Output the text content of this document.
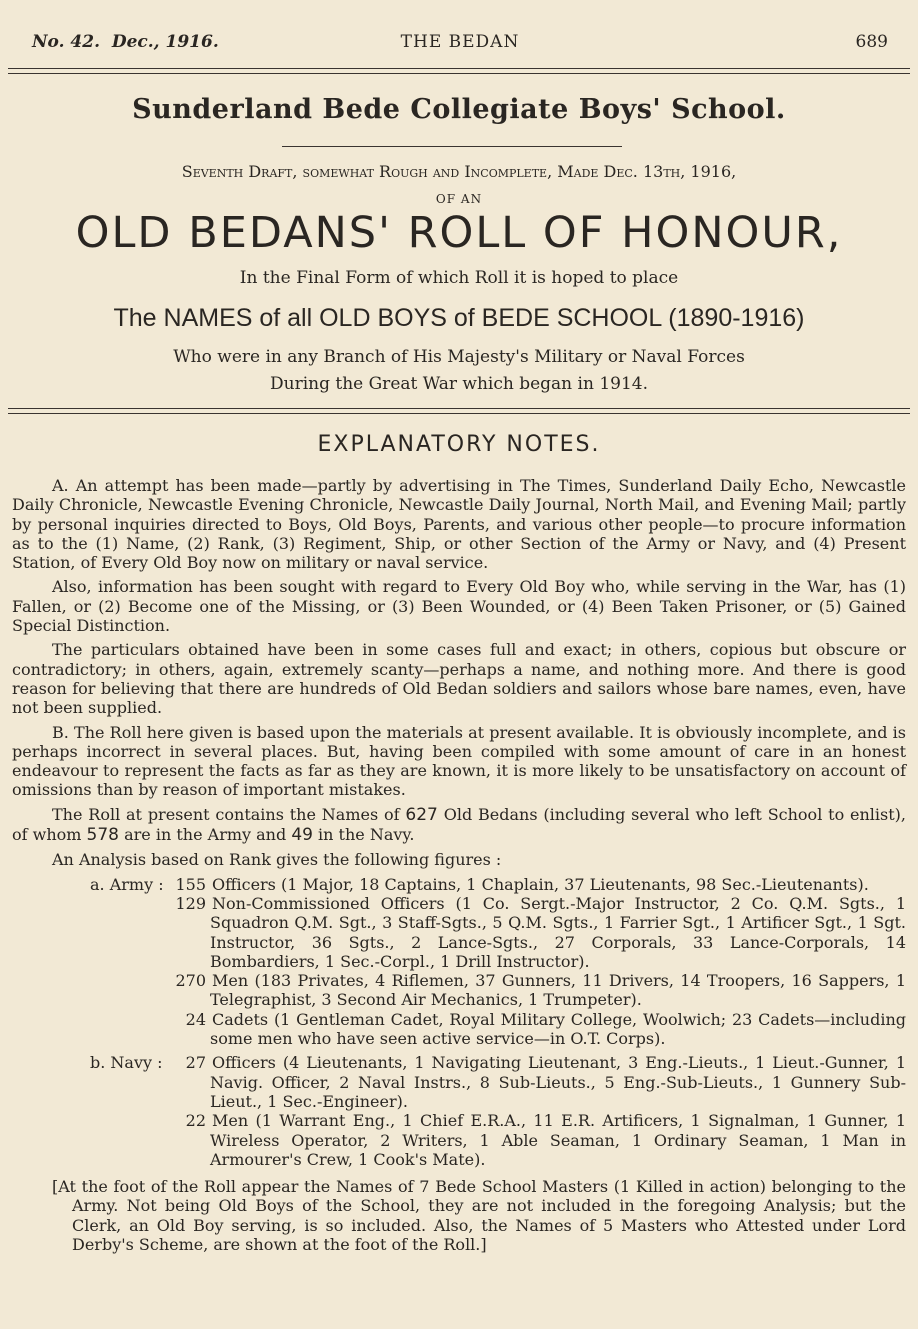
No. 42. Dec., 1916.	THE BEDAN	689
Sunderland Bede Collegiate Boys' School.
Seventh Draft, somewhat Rough and Incomplete, Made Dec. 13th, 1916,
OF AN
OLD BEDANS' ROLL OF HONOUR,
In the Final Form of which Roll it is hoped to place
The NAMES of all OLD BOYS of BEDE SCHOOL (1890-1916)
Who were in any Branch of His Majesty's Military or Naval Forces
During the Great War which began in 1914.
EXPLANATORY NOTES.

A. An attempt has been made—partly by advertising in The Times, Sunderland Daily Echo, Newcastle Daily Chronicle, Newcastle Evening Chronicle, Newcastle Daily Journal, North Mail, and Evening Mail; partly by personal inquiries directed to Boys, Old Boys, Parents, and various other people—to procure information as to the (1) Name, (2) Rank, (3) Regiment, Ship, or other Section of the Army or Navy, and (4) Present Station, of Every Old Boy now on military or naval service.

Also, information has been sought with regard to Every Old Boy who, while serving in the War, has (1) Fallen, or (2) Become one of the Missing, or (3) Been Wounded, or (4) Been Taken Prisoner, or (5) Gained Special Distinction.

The particulars obtained have been in some cases full and exact; in others, copious but obscure or contradictory; in others, again, extremely scanty—perhaps a name, and nothing more. And there is good reason for believing that there are hundreds of Old Bedan soldiers and sailors whose bare names, even, have not been supplied.

B. The Roll here given is based upon the materials at present available. It is obviously incomplete, and is perhaps incorrect in several places. But, having been compiled with some amount of care in an honest endeavour to represent the facts as far as they are known, it is more likely to be unsatisfactory on account of omissions than by reason of important mistakes.

The Roll at present contains the Names of 627 Old Bedans (including several who left School to enlist), of whom 578 are in the Army and 49 in the Navy.

An Analysis based on Rank gives the following figures :

a. Army : 155 Officers (1 Major, 18 Captains, 1 Chaplain, 37 Lieutenants, 98 Sec.-Lieutenants).
129 Non-Commissioned Officers (1 Co. Sergt.-Major Instructor, 2 Co. Q.M. Sgts., 1 Squadron Q.M. Sgt., 3 Staff-Sgts., 5 Q.M. Sgts., 1 Farrier Sgt., 1 Artificer Sgt., 1 Sgt. Instructor, 36 Sgts., 2 Lance-Sgts., 27 Corporals, 33 Lance-Corporals, 14 Bombardiers, 1 Sec.-Corpl., 1 Drill Instructor).
270 Men (183 Privates, 4 Riflemen, 37 Gunners, 11 Drivers, 14 Troopers, 16 Sappers, 1 Telegraphist, 3 Second Air Mechanics, 1 Trumpeter).
24 Cadets (1 Gentleman Cadet, Royal Military College, Woolwich; 23 Cadets—including some men who have seen active service—in O.T. Corps).
b. Navy :	27 Officers (4 Lieutenants, 1 Navigating Lieutenant, 3 Eng.-Lieuts., 1 Lieut.-Gunner, 1 Navig. Officer, 2 Naval Instrs., 8 Sub-Lieuts., 5 Eng.-Sub-Lieuts., 1 Gunnery Sub-Lieut., 1 Sec.-Engineer).
22 Men (1 Warrant Eng., 1 Chief E.R.A., 11 E.R. Artificers, 1 Signalman, 1 Gunner, 1 Wireless Operator, 2 Writers, 1 Able Seaman, 1 Ordinary Seaman, 1 Man in Armourer's Crew, 1 Cook's Mate).
[At the foot of the Roll appear the Names of 7 Bede School Masters (1 Killed in action) belonging to the Army. Not being Old Boys of the School, they are not included in the foregoing Analysis; but the Clerk, an Old Boy serving, is so included. Also, the Names of 5 Masters who Attested under Lord Derby's Scheme, are shown at the foot of the Roll.]
